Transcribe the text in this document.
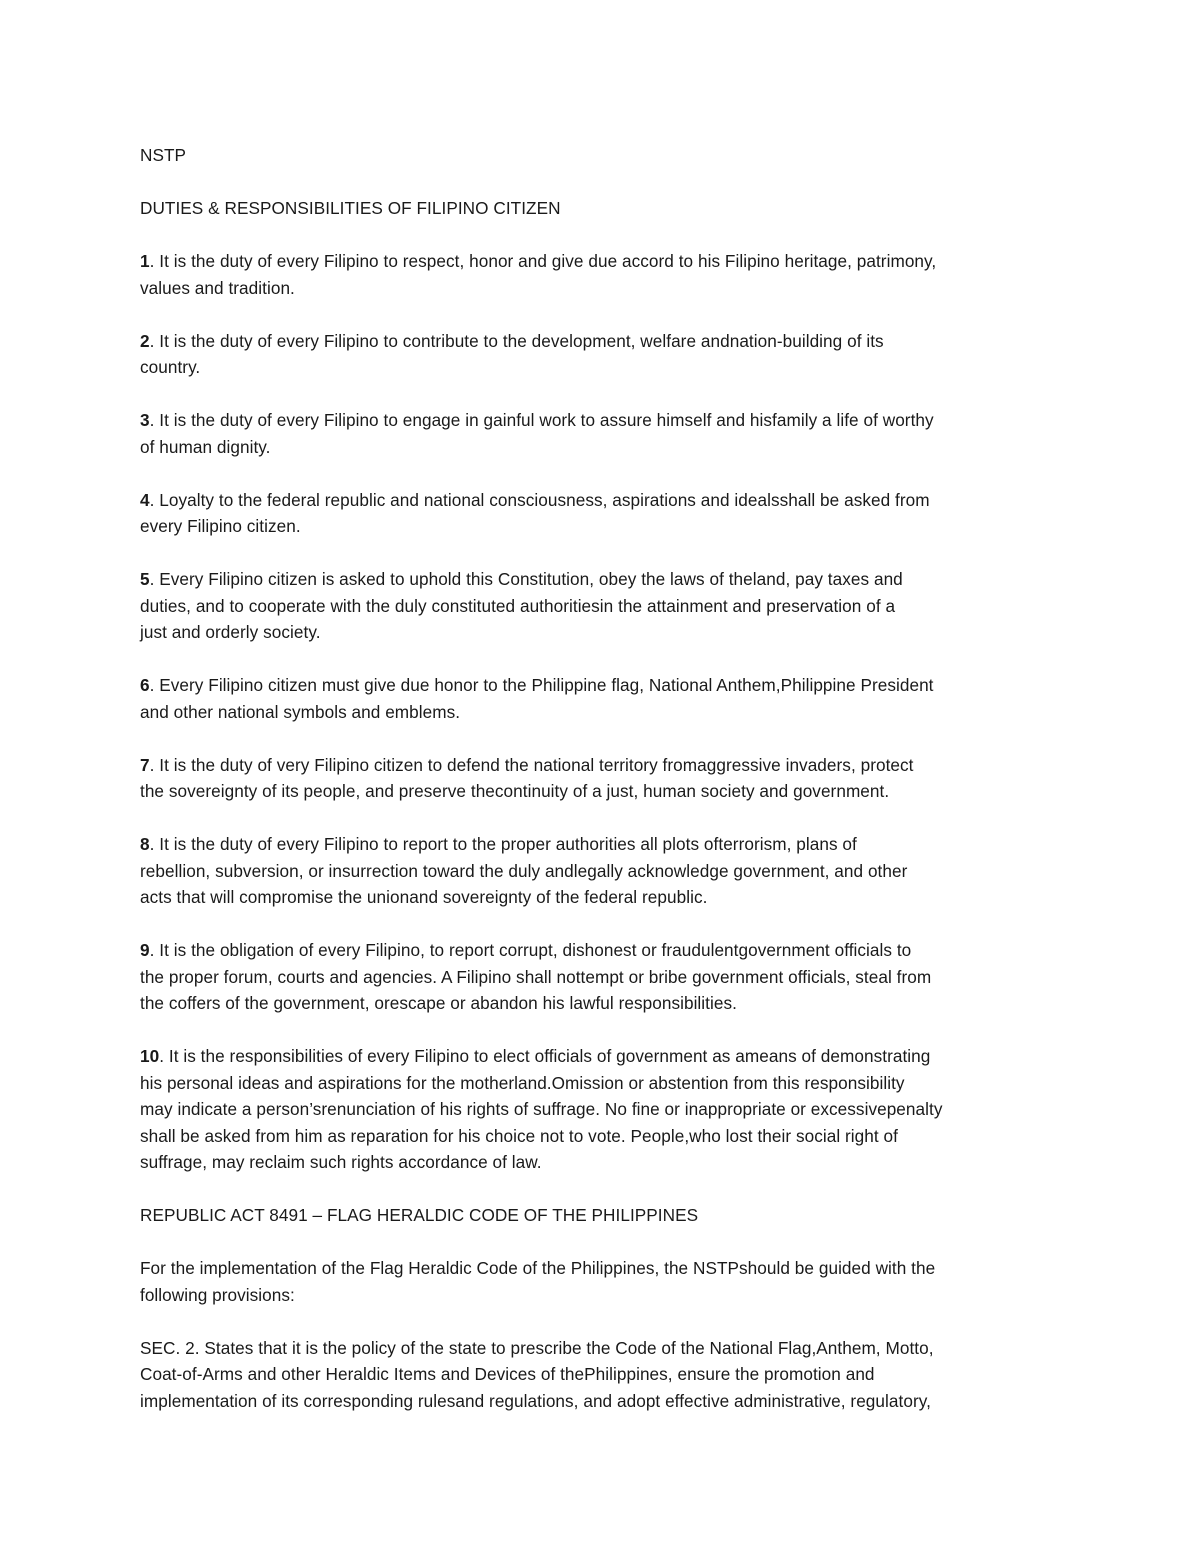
NSTP

DUTIES & RESPONSIBILITIES OF FILIPINO CITIZEN

1. It is the duty of every Filipino to respect, honor and give due accord to his Filipino heritage, patrimony,
values and tradition.

2. It is the duty of every Filipino to contribute to the development, welfare andnation-building of its
country.

3. It is the duty of every Filipino to engage in gainful work to assure himself and hisfamily a life of worthy
of human dignity.

4. Loyalty to the federal republic and national consciousness, aspirations and idealsshall be asked from
every Filipino citizen.

5. Every Filipino citizen is asked to uphold this Constitution, obey the laws of theland, pay taxes and
duties, and to cooperate with the duly constituted authoritiesin the attainment and preservation of a
just and orderly society.

6. Every Filipino citizen must give due honor to the Philippine flag, National Anthem,Philippine President
and other national symbols and emblems.

7. It is the duty of very Filipino citizen to defend the national territory fromaggressive invaders, protect
the sovereignty of its people, and preserve thecontinuity of a just, human society and government.

8. It is the duty of every Filipino to report to the proper authorities all plots ofterrorism, plans of
rebellion, subversion, or insurrection toward the duly andlegally acknowledge government, and other
acts that will compromise the unionand sovereignty of the federal republic.

9. It is the obligation of every Filipino, to report corrupt, dishonest or fraudulentgovernment officials to
the proper forum, courts and agencies. A Filipino shall nottempt or bribe government officials, steal from
the coffers of the government, orescape or abandon his lawful responsibilities.

10. It is the responsibilities of every Filipino to elect officials of government as ameans of demonstrating
his personal ideas and aspirations for the motherland.Omission or abstention from this responsibility
may indicate a person’srenunciation of his rights of suffrage. No fine or inappropriate or excessivepenalty
shall be asked from him as reparation for his choice not to vote. People,who lost their social right of
suffrage, may reclaim such rights accordance of law.

REPUBLIC ACT 8491 – FLAG HERALDIC CODE OF THE PHILIPPINES

For the implementation of the Flag Heraldic Code of the Philippines, the NSTPshould be guided with the
following provisions:

SEC. 2. States that it is the policy of the state to prescribe the Code of the National Flag,Anthem, Motto,
Coat-of-Arms and other Heraldic Items and Devices of thePhilippines, ensure the promotion and
implementation of its corresponding rulesand regulations, and adopt effective administrative, regulatory,
